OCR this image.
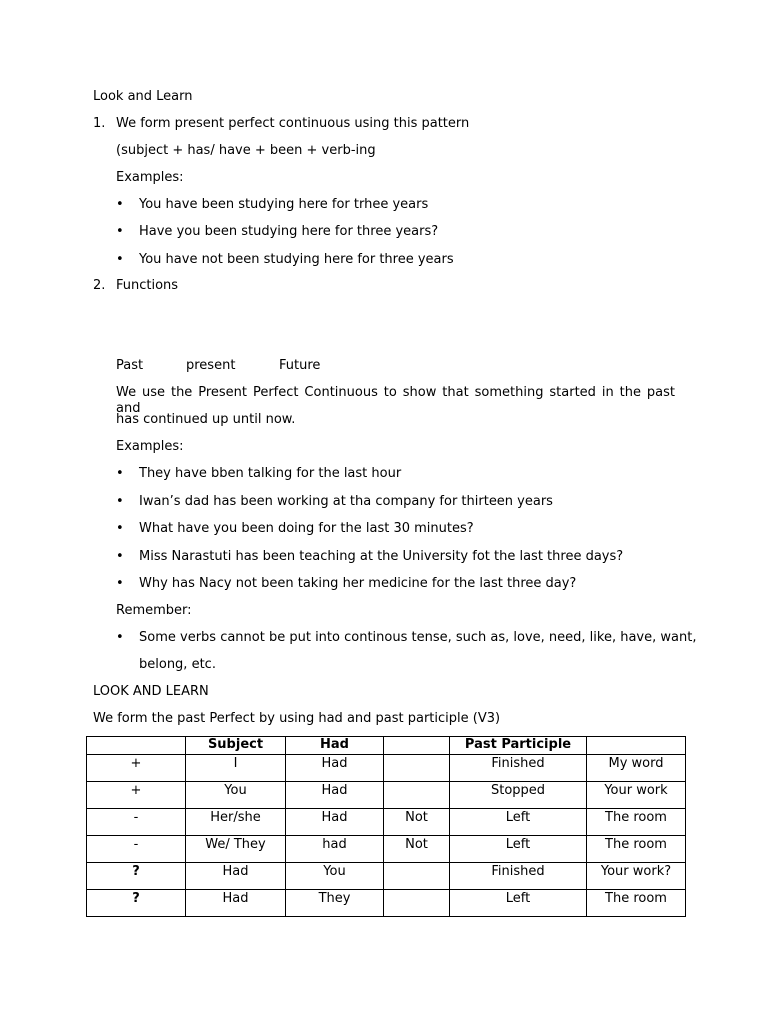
Look and Learn
1. We form present perfect continuous using this pattern
(subject + has/ have + been + verb-ing
Examples:
• You have been studying here for trhee years
• Have you been studying here for three years?
• You have not been studying here for three years
2. Functions
Past	present	Future
We use the Present Perfect Continuous to show that something started in the past and
has continued up until now.
Examples:
• They have bben talking for the last hour
• Iwan’s dad has been working at tha company for thirteen years
• What have you been doing for the last 30 minutes?
• Miss Narastuti has been teaching at the University fot the last three days?
• Why has Nacy not been taking her medicine for the last three day?
Remember:
• Some verbs cannot be put into continous tense, such as, love, need, like, have, want,
belong, etc.
LOOK AND LEARN
We form the past Perfect by using had and past participle (V3)
	Subject	Had		Past Participle	
+	I	Had		Finished	My word
+	You	Had		Stopped	Your work
-	Her/she	Had	Not	Left	The room
-	We/ They	had	Not	Left	The room
?	Had	You		Finished	Your work?
?	Had	They		Left	The room
